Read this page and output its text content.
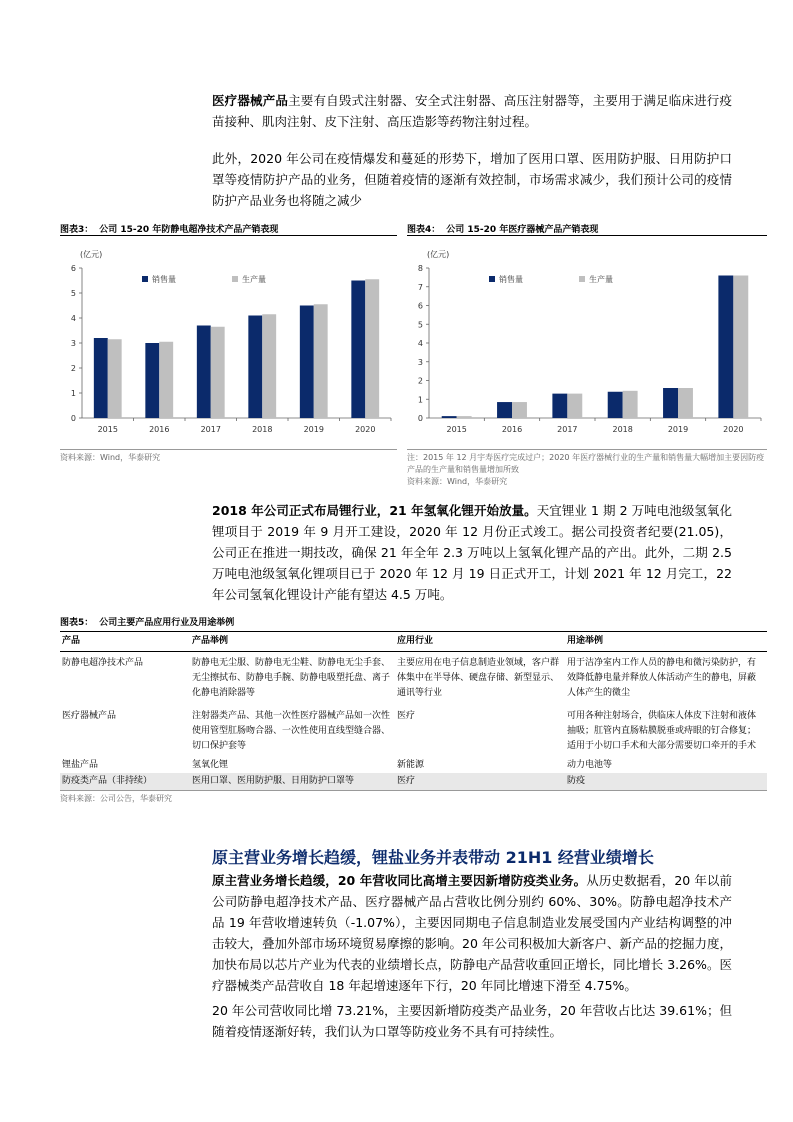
医疗器械产品主要有自毁式注射器、安全式注射器、高压注射器等，主要用于满足临床进行疫苗接种、肌肉注射、皮下注射、高压造影等药物注射过程。
此外，2020 年公司在疫情爆发和蔓延的形势下，增加了医用口罩、医用防护服、日用防护口罩等疫情防护产品的业务，但随着疫情的逐渐有效控制，市场需求减少，我们预计公司的疫情防护产品业务也将随之减少
图表3： 公司 15-20 年防静电超净技术产品产销表现	图表4： 公司 15-20 年医疗器械产品产销表现
(亿元)
0
1
2
3
4
5
6
2015	2016	2017	2018	2019	2020
销售量	生产量
(亿元)
0
1
2
3
4
5
6
7
8
2015	2016	2017	2018	2019	2020
销售量	生产量
资料来源：Wind，华泰研究	注：2015 年 12 月宇寿医疗完成过户；2020 年医疗器械行业的生产量和销售量大幅增加主要因防疫产品的生产量和销售量增加所致
资料来源：Wind，华泰研究
2018 年公司正式布局锂行业，21 年氢氧化锂开始放量。天宜锂业 1 期 2 万吨电池级氢氧化锂项目于 2019 年 9 月开工建设，2020 年 12 月份正式竣工。据公司投资者纪要(21.05)，公司正在推进一期技改，确保 21 年全年 2.3 万吨以上氢氧化锂产品的产出。此外，二期 2.5 万吨电池级氢氧化锂项目已于 2020 年 12 月 19 日正式开工，计划 2021 年 12 月完工，22 年公司氢氧化锂设计产能有望达 4.5 万吨。
图表5： 公司主要产品应用行业及用途举例
产品	产品举例	应用行业	用途举例
防静电超净技术产品	防静电无尘服、防静电无尘鞋、防静电无尘手套、无尘擦拭布、防静电手腕、防静电吸塑托盘、离子化静电消除器等	主要应用在电子信息制造业领域，客户群体集中在半导体、硬盘存储、新型显示、通讯等行业	用于洁净室内工作人员的静电和微污染防护，有效降低静电量并释放人体活动产生的静电，屏蔽人体产生的微尘
医疗器械产品	注射器类产品、其他一次性医疗器械产品如一次性使用管型肛肠吻合器、一次性使用直线型缝合器、切口保护套等	医疗	可用各种注射场合，供临床人体皮下注射和液体抽吸；肛管内直肠粘膜脱垂或痔眼的钉合修复；适用于小切口手术和大部分需要切口牵开的手术
锂盐产品	氢氧化锂	新能源	动力电池等
防疫类产品（非持续）	医用口罩、医用防护服、日用防护口罩等	医疗	防疫
资料来源：公司公告，华泰研究
原主营业务增长趋缓，锂盐业务并表带动 21H1 经营业绩增长
原主营业务增长趋缓，20 年营收同比高增主要因新增防疫类业务。从历史数据看，20 年以前公司防静电超净技术产品、医疗器械产品占营收比例分别约 60%、30%。防静电超净技术产品 19 年营收增速转负（-1.07%），主要因同期电子信息制造业发展受国内产业结构调整的冲击较大，叠加外部市场环境贸易摩擦的影响。20 年公司积极加大新客户、新产品的挖掘力度，加快布局以芯片产业为代表的业绩增长点，防静电产品营收重回正增长，同比增长 3.26%。医疗器械类产品营收自 18 年起增速逐年下行，20 年同比增速下滑至 4.75%。
20 年公司营收同比增 73.21%，主要因新增防疫类产品业务，20 年营收占比达 39.61%；但随着疫情逐渐好转，我们认为口罩等防疫业务不具有可持续性。
